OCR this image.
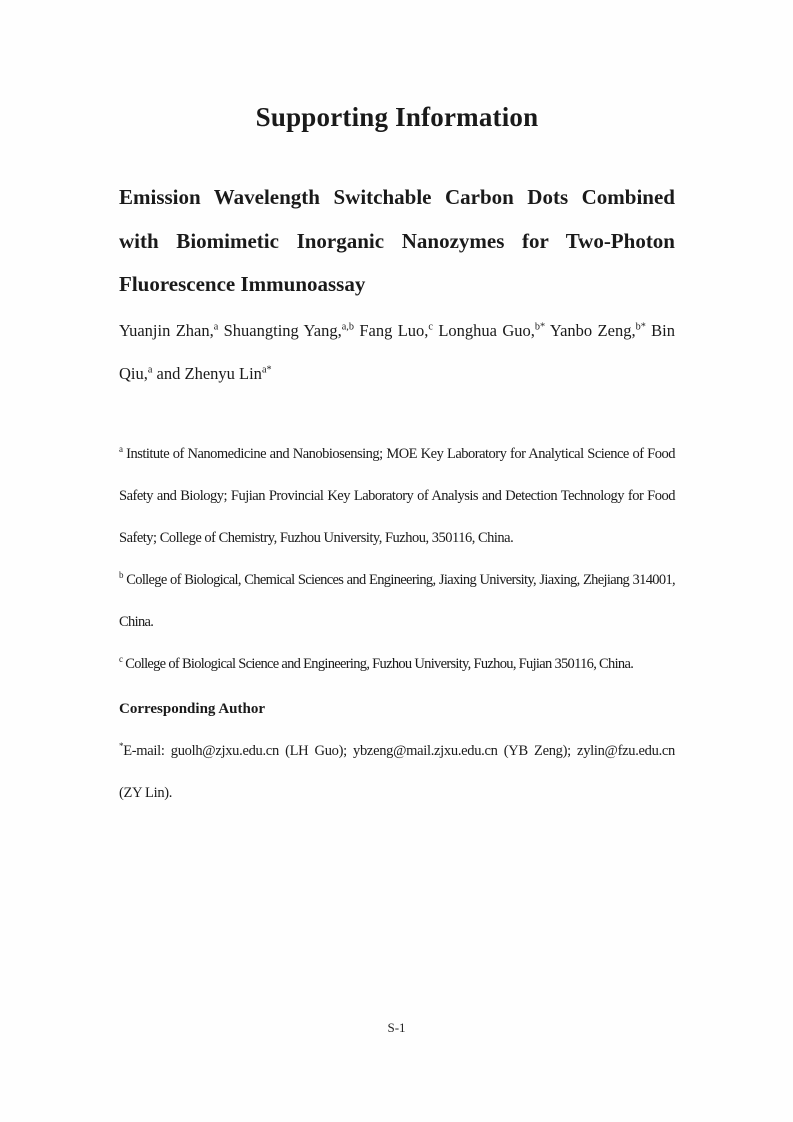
Supporting Information
Emission Wavelength Switchable Carbon Dots Combined with Biomimetic Inorganic Nanozymes for Two-Photon Fluorescence Immunoassay

Yuanjin Zhan,$^a$ Shuangting Yang,$^{a,b}$ Fang Luo,$^c$ Longhua Guo,$^{b*}$ Yanbo Zeng,$^{b*}$ Bin Qiu,$^a$ and Zhenyu Lin$^{a*}$

$^a$ Institute of Nanomedicine and Nanobiosensing; MOE Key Laboratory for Analytical Science of Food Safety and Biology; Fujian Provincial Key Laboratory of Analysis and Detection Technology for Food Safety; College of Chemistry, Fuzhou University, Fuzhou, 350116, China.

$^b$ College of Biological, Chemical Sciences and Engineering, Jiaxing University, Jiaxing, Zhejiang 314001, China.

$^c$ College of Biological Science and Engineering, Fuzhou University, Fuzhou, Fujian 350116, China.

Corresponding Author

*E-mail: guolh@zjxu.edu.cn (LH Guo); ybzeng@mail.zjxu.edu.cn (YB Zeng); zylin@fzu.edu.cn (ZY Lin).

S-1
